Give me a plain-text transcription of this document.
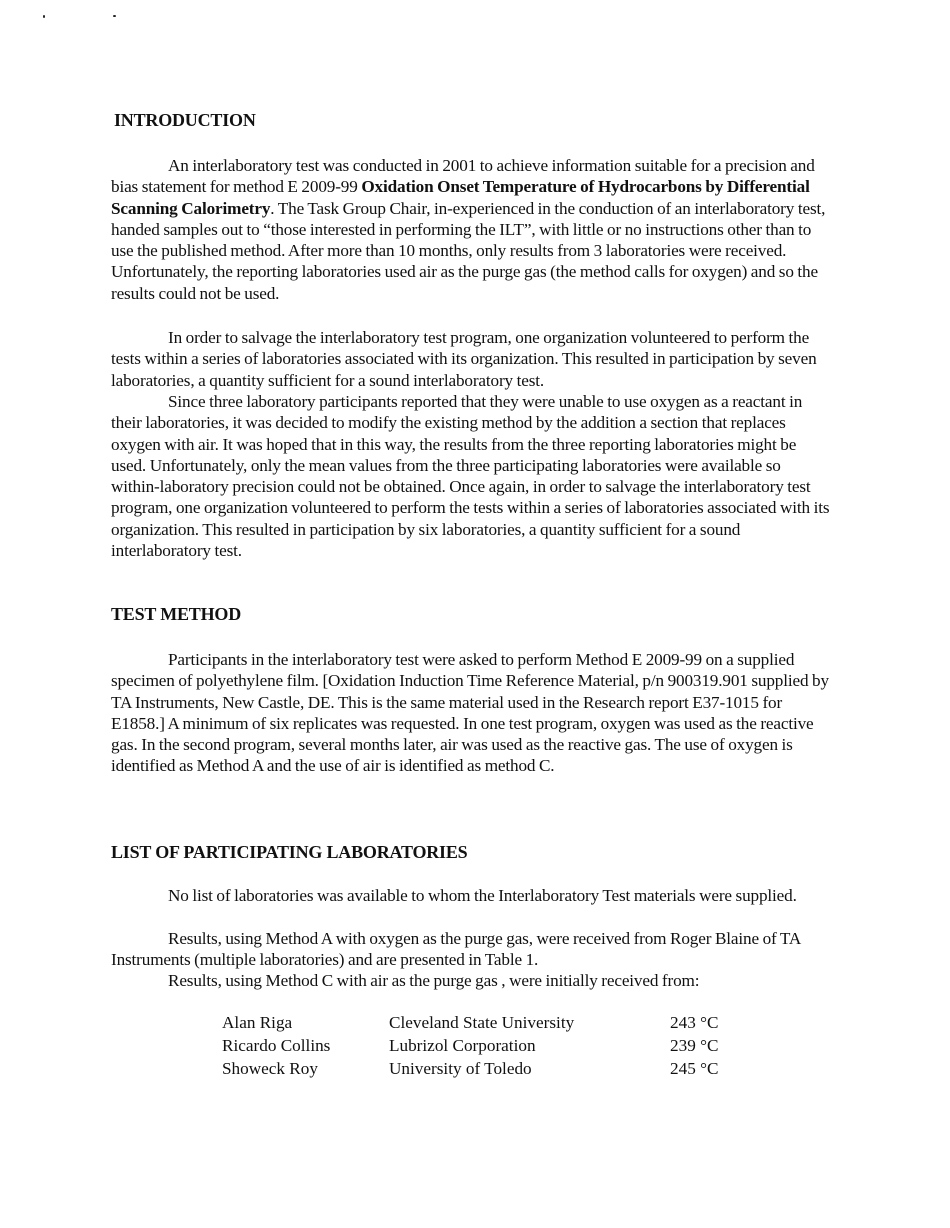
INTRODUCTION

An interlaboratory test was conducted in 2001 to achieve information suitable for a precision and bias statement for method E 2009-99 Oxidation Onset Temperature of Hydrocarbons by Differential Scanning Calorimetry. The Task Group Chair, in-experienced in the conduction of an interlaboratory test, handed samples out to “those interested in performing the ILT”, with little or no instructions other than to use the published method. After more than 10 months, only results from 3 laboratories were received. Unfortunately, the reporting laboratories used air as the purge gas (the method calls for oxygen) and so the results could not be used.

In order to salvage the interlaboratory test program, one organization volunteered to perform the tests within a series of laboratories associated with its organization. This resulted in participation by seven laboratories, a quantity sufficient for a sound interlaboratory test.

Since three laboratory participants reported that they were unable to use oxygen as a reactant in their laboratories, it was decided to modify the existing method by the addition a section that replaces oxygen with air. It was hoped that in this way, the results from the three reporting laboratories might be used. Unfortunately, only the mean values from the three participating laboratories were available so within-laboratory precision could not be obtained. Once again, in order to salvage the interlaboratory test program, one organization volunteered to perform the tests within a series of laboratories associated with its organization. This resulted in participation by six laboratories, a quantity sufficient for a sound interlaboratory test.

TEST METHOD

Participants in the interlaboratory test were asked to perform Method E 2009-99 on a supplied specimen of polyethylene film. [Oxidation Induction Time Reference Material, p/n 900319.901 supplied by TA Instruments, New Castle, DE. This is the same material used in the Research report E37-1015 for E1858.] A minimum of six replicates was requested. In one test program, oxygen was used as the reactive gas. In the second program, several months later, air was used as the reactive gas. The use of oxygen is identified as Method A and the use of air is identified as method C.

LIST OF PARTICIPATING LABORATORIES

No list of laboratories was available to whom the Interlaboratory Test materials were supplied.

Results, using Method A with oxygen as the purge gas, were received from Roger Blaine of TA Instruments (multiple laboratories) and are presented in Table 1.

Results, using Method C with air as the purge gas , were initially received from:

Alan Riga	Cleveland State University	243 °C
Ricardo Collins	Lubrizol Corporation	239 °C
Showeck Roy	University of Toledo	245 °C
